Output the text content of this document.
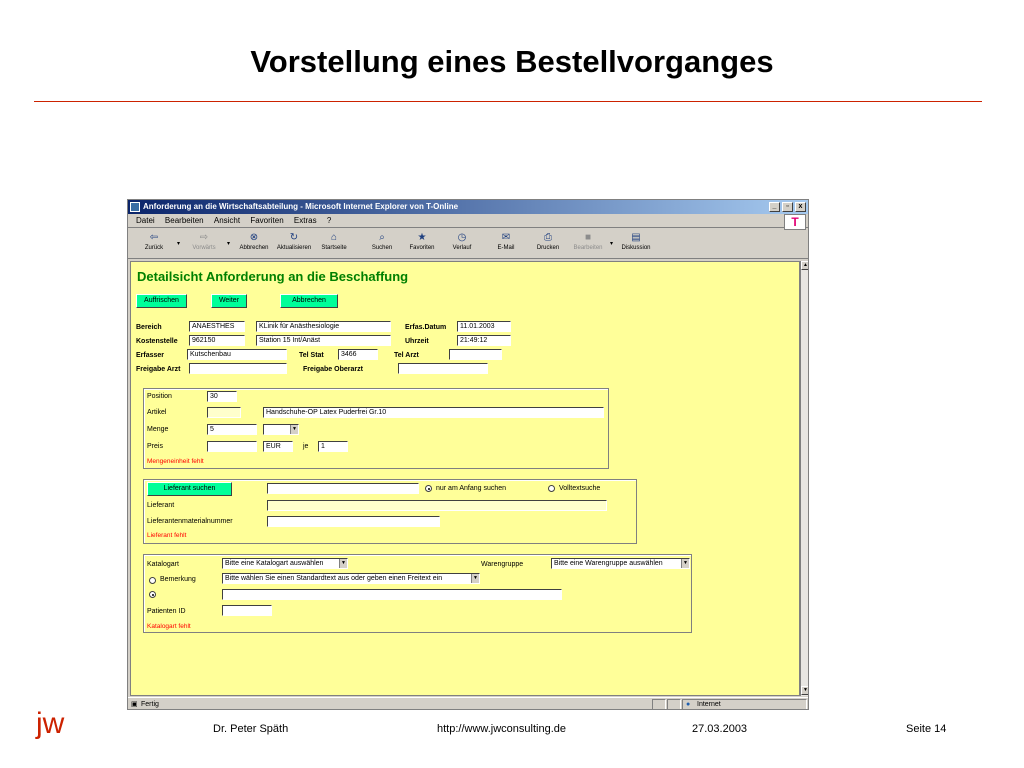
Vorstellung eines Bestellvorganges
Anforderung an die Wirtschaftsabteilung - Microsoft Internet Explorer von T-Online	_	▫	x
Datei Bearbeiten Ansicht Favoriten Extras ?	T
⇦
Zurück
▾
⇨
Vorwärts
▾
⊗
Abbrechen
↻
Aktualisieren
⌂
Startseite
⌕
Suchen
★
Favoriten
◷
Verlauf
✉
E-Mail
⎙
Drucken
■
Bearbeiten
▾
▤
Diskussion
Detailsicht Anforderung an die Beschaffung
Auffrischen	Weiter	Abbrechen
Bereich	ANAESTHES	KLinik für Anästhesiologie	Erfas.Datum	11.01.2003
Kostenstelle	962150	Station 15 Int/Anäst	Uhrzeit	21:49:12
Erfasser	Kutschenbau	Tel Stat	3466	Tel Arzt
Freigabe Arzt	Freigabe Oberarzt
Position	30
Artikel	Handschuhe-OP Latex Puderfrei Gr.10
Menge	5	▼
Preis	EUR	je	1
Mengeneinheit fehlt
Lieferant suchen	nur am Anfang suchen	Volltextsuche
Lieferant
Lieferantenmaterialnummer
Lieferant fehlt
Katalogart	Bitte eine Katalogart auswählen	▼	Warengruppe	Bitte eine Warengruppe auswählen	▼
Bemerkung	Bitte wählen Sie einen Standardtext aus oder geben einen Freitext ein	▼
Patienten ID
Katalogart fehlt
▲
▼
▣ Fertig	● Internet
jw	Dr. Peter Späth	http://www.jwconsulting.de	27.03.2003	Seite 14
